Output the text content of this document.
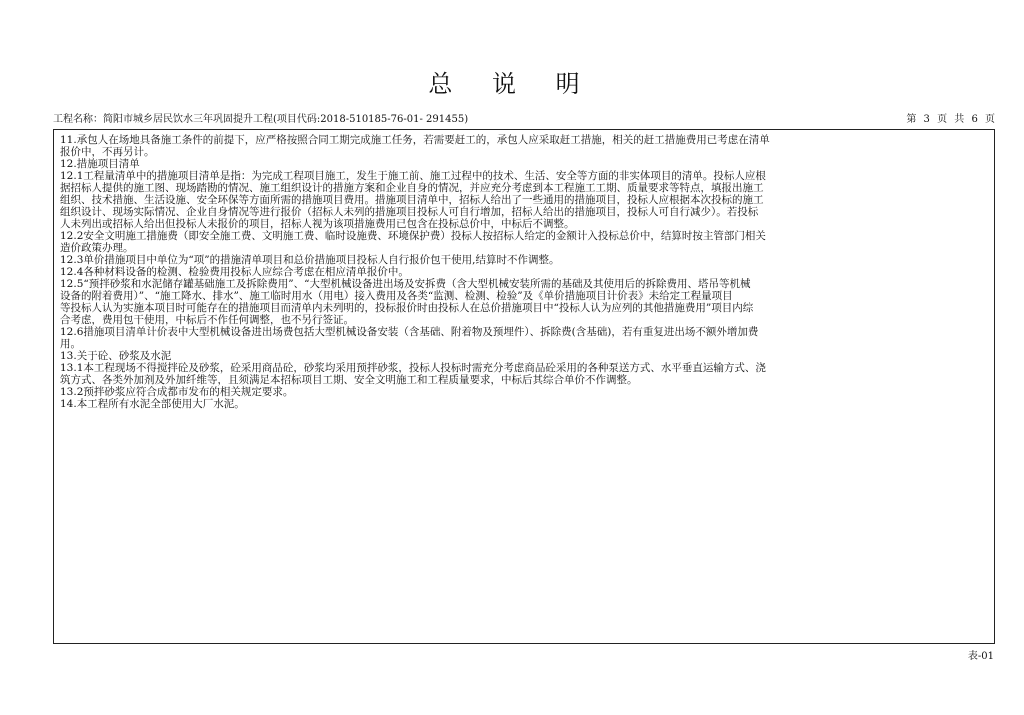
总 说 明
工程名称：简阳市城乡居民饮水三年巩固提升工程(项目代码:2018-510185-76-01- 291455)	第 3 页 共 6 页
11.承包人在场地具备施工条件的前提下，应严格按照合同工期完成施工任务，若需要赶工的，承包人应采取赶工措施，相关的赶工措施费用已考虑在清单
报价中，不再另计。
12.措施项目清单
12.1工程量清单中的措施项目清单是指：为完成工程项目施工，发生于施工前、施工过程中的技术、生活、安全等方面的非实体项目的清单。投标人应根
据招标人提供的施工图、现场踏勘的情况、施工组织设计的措施方案和企业自身的情况，并应充分考虑到本工程施工工期、质量要求等特点，填报出施工
组织、技术措施、生活设施、安全环保等方面所需的措施项目费用。措施项目清单中，招标人给出了一些通用的措施项目，投标人应根据本次投标的施工
组织设计、现场实际情况、企业自身情况等进行报价（招标人未列的措施项目投标人可自行增加，招标人给出的措施项目，投标人可自行减少）。若投标
人未列出或招标人给出但投标人未报价的项目，招标人视为该项措施费用已包含在投标总价中，中标后不调整。
12.2安全文明施工措施费（即安全施工费、文明施工费、临时设施费、环境保护费）投标人按招标人给定的金额计入投标总价中，结算时按主管部门相关
造价政策办理。
12.3单价措施项目中单位为“项”的措施清单项目和总价措施项目投标人自行报价包干使用,结算时不作调整。
12.4各种材料设备的检测、检验费用投标人应综合考虑在相应清单报价中。
12.5“预拌砂浆和水泥储存罐基础施工及拆除费用”、“大型机械设备进出场及安拆费（含大型机械安装所需的基础及其使用后的拆除费用、塔吊等机械
设备的附着费用）”、“施工降水、排水”、施工临时用水（用电）接入费用及各类“监测、检测、检验”及《单价措施项目计价表》未给定工程量项目
等投标人认为实施本项目时可能存在的措施项目而清单内未列明的，投标报价时由投标人在总价措施项目中“投标人认为应列的其他措施费用”项目内综
合考虑，费用包干使用，中标后不作任何调整，也不另行签证。
12.6措施项目清单计价表中大型机械设备进出场费包括大型机械设备安装（含基础、附着物及预埋件）、拆除费(含基础)，若有重复进出场不额外增加费
用。
13.关于砼、砂浆及水泥
13.1本工程现场不得搅拌砼及砂浆，砼采用商品砼，砂浆均采用预拌砂浆，投标人投标时需充分考虑商品砼采用的各种泵送方式、水平垂直运输方式、浇
筑方式、各类外加剂及外加纤维等，且须满足本招标项目工期、安全文明施工和工程质量要求，中标后其综合单价不作调整。
13.2预拌砂浆应符合成都市发布的相关规定要求。
14.本工程所有水泥全部使用大厂水泥。
表-01
